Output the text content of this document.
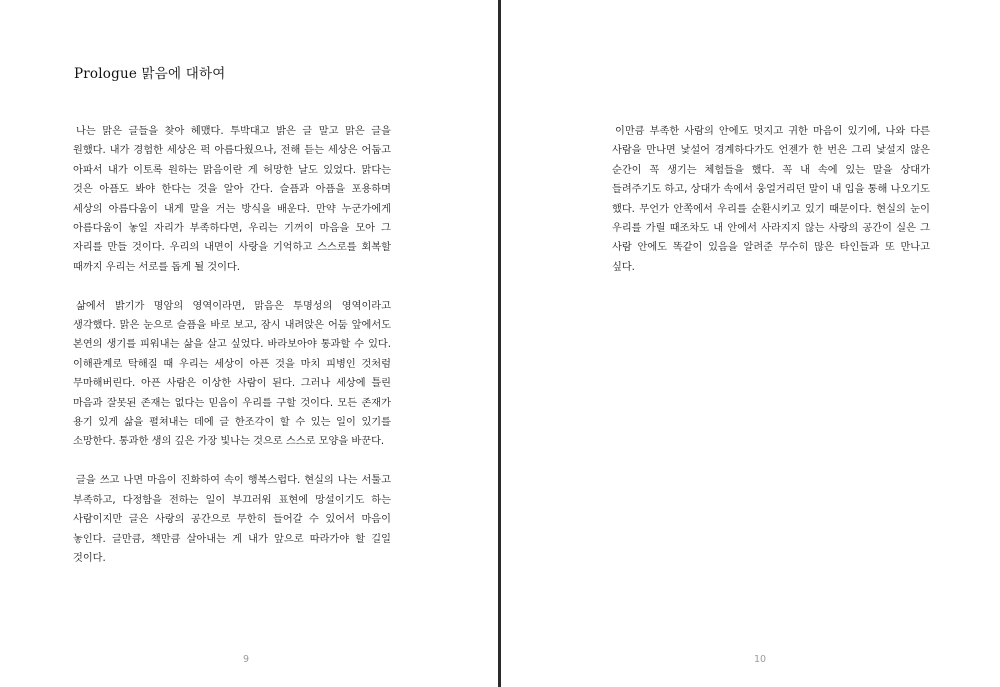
Prologue 맑음에 대하여

나는 맑은 글들을 찾아 헤맸다. 투박대고 밝은 글 말고 맑은 글을 원했다. 내가 경험한 세상은 퍽 아름다웠으나, 전해 듣는 세상은 어둡고 아파서 내가 이토록 원하는 맑음이란 게 허망한 날도 있었다. 맑다는 것은 아픔도 봐야 한다는 것을 알아 간다. 슬픔과 아픔을 포용하며 세상의 아름다움이 내게 말을 거는 방식을 배운다. 만약 누군가에게 아름다움이 놓일 자리가 부족하다면, 우리는 기꺼이 마음을 모아 그 자리를 만들 것이다. 우리의 내면이 사랑을 기억하고 스스로를 회복할 때까지 우리는 서로를 돕게 될 것이다.

삶에서 밝기가 명암의 영역이라면, 맑음은 투명성의 영역이라고 생각했다. 맑은 눈으로 슬픔을 바로 보고, 잠시 내려앉은 어둠 앞에서도 본연의 생기를 피워내는 삶을 살고 싶었다. 바라보아야 통과할 수 있다. 이해관계로 탁해질 때 우리는 세상이 아픈 것을 마치 피병인 것처럼 무마해버린다. 아픈 사람은 이상한 사람이 된다. 그러나 세상에 틀린 마음과 잘못된 존재는 없다는 믿음이 우리를 구할 것이다. 모든 존재가 용기 있게 삶을 펼쳐내는 데에 글 한조각이 할 수 있는 일이 있기를 소망한다. 통과한 생의 깊은 가장 빛나는 것으로 스스로 모양을 바꾼다.

글을 쓰고 나면 마음이 진화하여 속이 행복스럽다. 현실의 나는 서툴고 부족하고, 다정함을 전하는 일이 부끄러워 표현에 망설이기도 하는 사람이지만 글은 사랑의 공간으로 무한히 들어갈 수 있어서 마음이 놓인다. 글만큼, 책만큼 살아내는 게 내가 앞으로 따라가야 할 길일 것이다.

9

이만큼 부족한 사람의 안에도 멋지고 귀한 마음이 있기에, 나와 다른 사람을 만나면 낯설어 경계하다가도 언젠가 한 번은 그리 낯설지 않은 순간이 꼭 생기는 체험들을 했다. 꼭 내 속에 있는 말을 상대가 들려주기도 하고, 상대가 속에서 웅얼거리던 말이 내 입을 통해 나오기도 했다. 무언가 안쪽에서 우리를 순환시키고 있기 때문이다. 현실의 눈이 우리를 가릴 때조차도 내 안에서 사라지지 않는 사랑의 공간이 실은 그 사람 안에도 똑같이 있음을 알려준 무수히 많은 타인들과 또 만나고 싶다.

10
